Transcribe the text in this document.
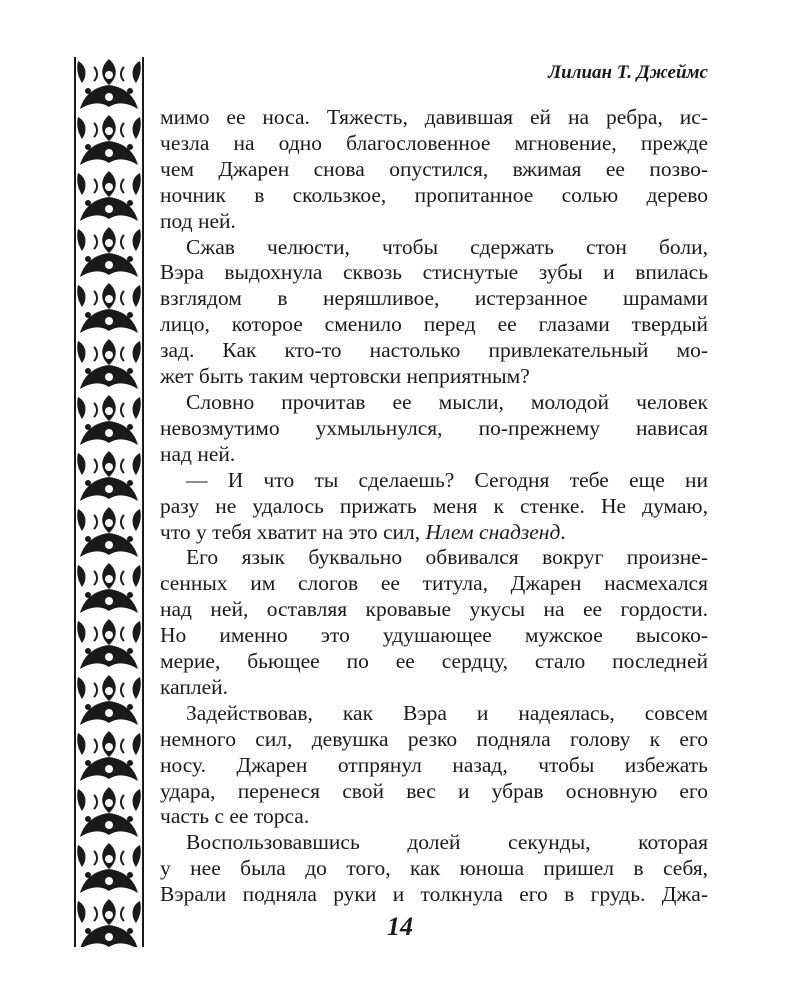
Лилиан Т. Джеймс
мимо ее носа. Тяжесть, давившая ей на ребра, ис-
чезла на одно благословенное мгновение, прежде
чем Джарен снова опустился, вжимая ее позво-
ночник в скользкое, пропитанное солью дерево
под ней.
Сжав челюсти, чтобы сдержать стон боли,
Вэра выдохнула сквозь стиснутые зубы и впилась
взглядом в неряшливое, истерзанное шрамами
лицо, которое сменило перед ее глазами твердый
зад. Как кто-то настолько привлекательный мо-
жет быть таким чертовски неприятным?
Словно прочитав ее мысли, молодой человек
невозмутимо ухмыльнулся, по-прежнему нависая
над ней.
— И что ты сделаешь? Сегодня тебе еще ни
разу не удалось прижать меня к стенке. Не думаю,
что у тебя хватит на это сил, Нлем снадзенд.
Его язык буквально обвивался вокруг произне-
сенных им слогов ее титула, Джарен насмехался
над ней, оставляя кровавые укусы на ее гордости.
Но именно это удушающее мужское высоко-
мерие, бьющее по ее сердцу, стало последней
каплей.
Задействовав, как Вэра и надеялась, совсем
немного сил, девушка резко подняла голову к его
носу. Джарен отпрянул назад, чтобы избежать
удара, перенеся свой вес и убрав основную его
часть с ее торса.
Воспользовавшись долей секунды, которая
у нее была до того, как юноша пришел в себя,
Вэрали подняла руки и толкнула его в грудь. Джа-
14
